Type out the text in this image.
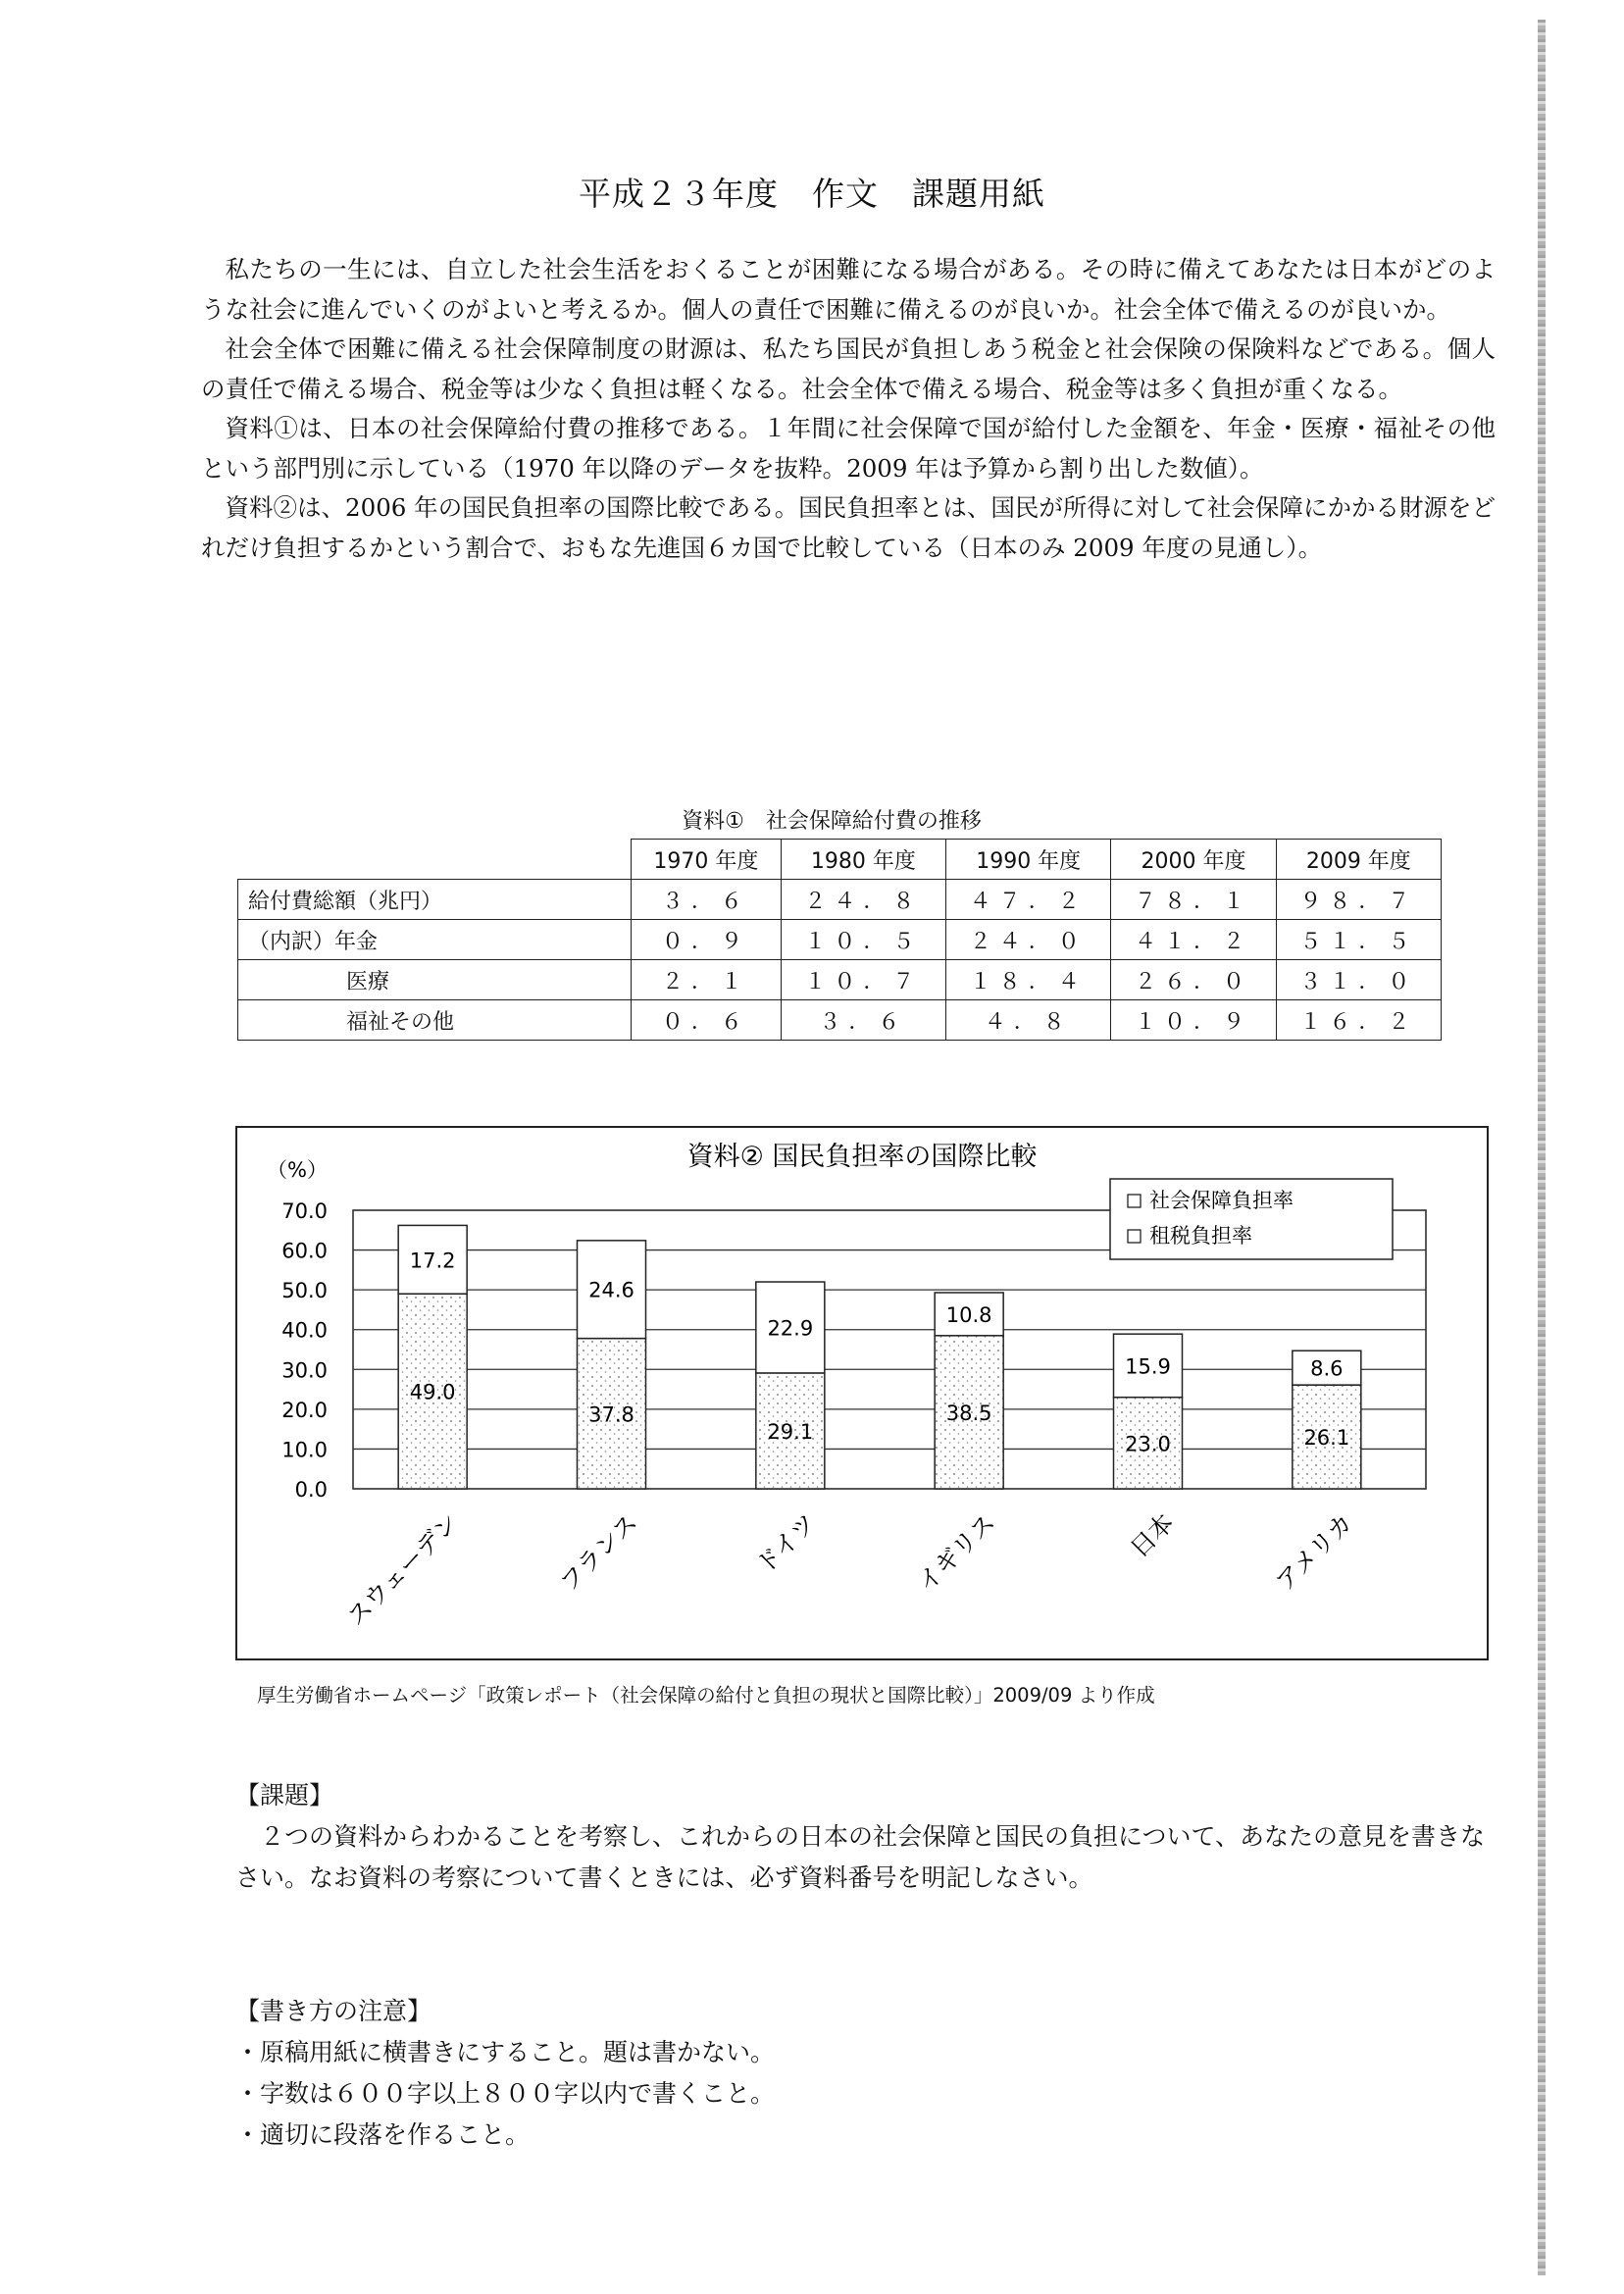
平成２３年度　作文　課題用紙

私たちの一生には、自立した社会生活をおくることが困難になる場合がある。その時に備えてあなたは日本がどのような社会に進んでいくのがよいと考えるか。個人の責任で困難に備えるのが良いか。社会全体で備えるのが良いか。

社会全体で困難に備える社会保障制度の財源は、私たち国民が負担しあう税金と社会保険の保険料などである。個人の責任で備える場合、税金等は少なく負担は軽くなる。社会全体で備える場合、税金等は多く負担が重くなる。

資料①は、日本の社会保障給付費の推移である。１年間に社会保障で国が給付した金額を、年金・医療・福祉その他という部門別に示している（1970 年以降のデータを抜粋。2009 年は予算から割り出した数値）。

資料②は、2006 年の国民負担率の国際比較である。国民負担率とは、国民が所得に対して社会保障にかかる財源をどれだけ負担するかという割合で、おもな先進国６カ国で比較している（日本のみ 2009 年度の見通し）。

資料①　社会保障給付費の推移
	1970 年度	1980 年度	1990 年度	2000 年度	2009 年度
給付費総額（兆円）	３．６	２４．８	４７．２	７８．１	９８．７
（内訳）年金	０．９	１０．５	２４．０	４１．２	５１．５
医療	２．１	１０．７	１８．４	２６．０	３１．０
福祉その他	０．６	３．６	４．８	１０．９	１６．２
資料② 国民負担率の国際比較
（%）
0.0
10.0
20.0
30.0
40.0
50.0
60.0
70.0
49.0
17.2
37.8
24.6
29.1
22.9
38.5
10.8
23.0
15.9
26.1
8.6
スウェーデン	フランス	ドイツ	イギリス	日本	アメリカ
社会保障負担率
租税負担率
厚生労働省ホームページ「政策レポート（社会保障の給付と負担の現状と国際比較）」2009/09 より作成

【課題】

２つの資料からわかることを考察し、これからの日本の社会保障と国民の負担について、あなたの意見を書きなさい。なお資料の考察について書くときには、必ず資料番号を明記しなさい。

【書き方の注意】

・ 原稿用紙に横書きにすること。題は書かない。
・ 字数は６００字以上８００字以内で書くこと。
・ 適切に段落を作ること。
